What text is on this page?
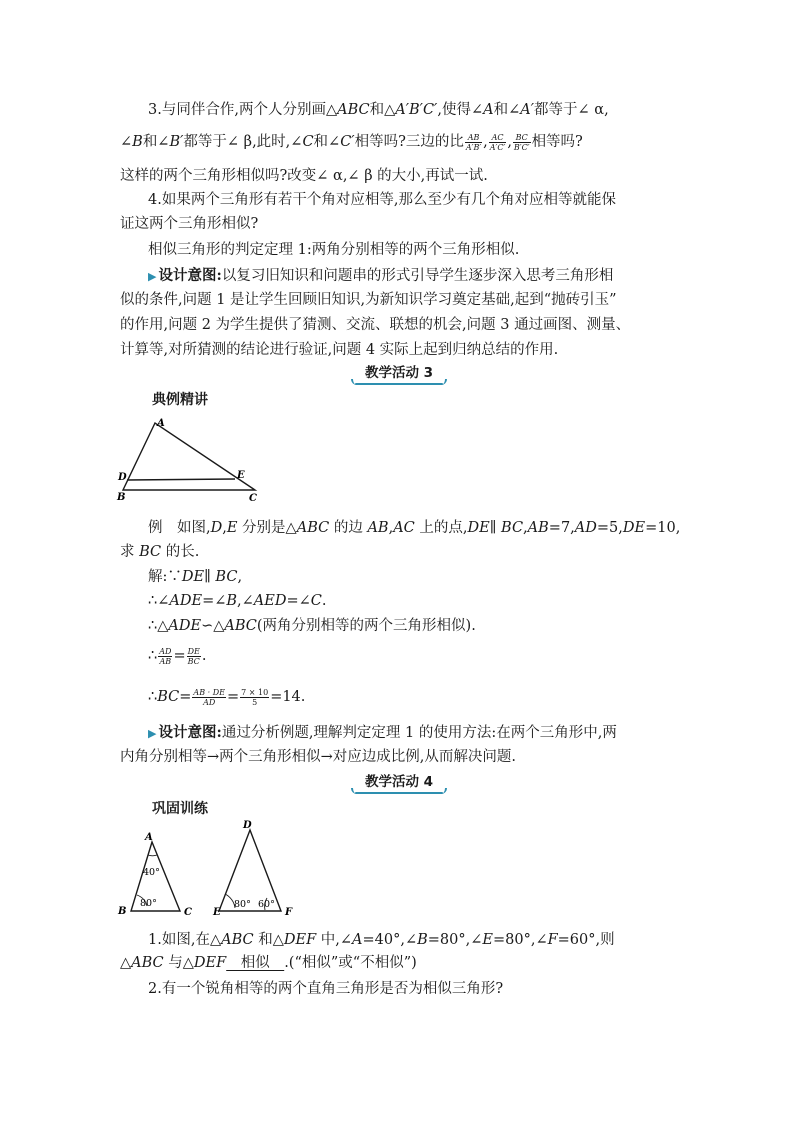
3.与同伴合作,两个人分别画△ABC和△A′B′C′,使得∠A和∠A′都等于∠ α,
∠B和∠B′都等于∠ β,此时,∠C和∠C′相等吗?三边的比 $\frac{AB}{A'B'}$ , $\frac{AC}{A'C'}$ , $\frac{BC}{B'C'}$ 相等吗?
这样的两个三角形相似吗?改变∠ α,∠ β 的大小,再试一试.
4.如果两个三角形有若干个角对应相等,那么至少有几个角对应相等就能保
证这两个三角形相似?
相似三角形的判定定理 1:两角分别相等的两个三角形相似.
▶ 设计意图:以复习旧知识和问题串的形式引导学生逐步深入思考三角形相
似的条件,问题 1 是让学生回顾旧知识,为新知识学习奠定基础,起到“抛砖引玉”
的作用,问题 2 为学生提供了猜测、交流、联想的机会,问题 3 通过画图、测量、
计算等,对所猜测的结论进行验证,问题 4 实际上起到归纳总结的作用.
教学活动 3
典例精讲
A
D	E
B	C
例　如图,D,E 分别是△ABC 的边 AB,AC 上的点,DE∥ BC,AB=7,AD=5,DE=10,
求 BC 的长.
解:∵DE∥ BC,
∴∠ADE=∠B,∠AED=∠C.
∴△ADE∽△ABC(两角分别相等的两个三角形相似).
∴ $\frac{AD}{AB} = \frac{DE}{BC}$ .
∴BC= $\frac{AB \cdot DE}{AD} = \frac{7 \times 10}{5} =14$.
▶ 设计意图:通过分析例题,理解判定定理 1 的使用方法:在两个三角形中,两
内角分别相等→两个三角形相似→对应边成比例,从而解决问题.
教学活动 4
巩固训练
A
B	C
40°
80°
D
E	F
80° 60°
1.如图,在△ABC 和△DEF 中,∠A=40°,∠B=80°,∠E=80°,∠F=60°,则
△ABC 与△DEF　相似　.(“相似”或“不相似”)
2.有一个锐角相等的两个直角三角形是否为相似三角形?
